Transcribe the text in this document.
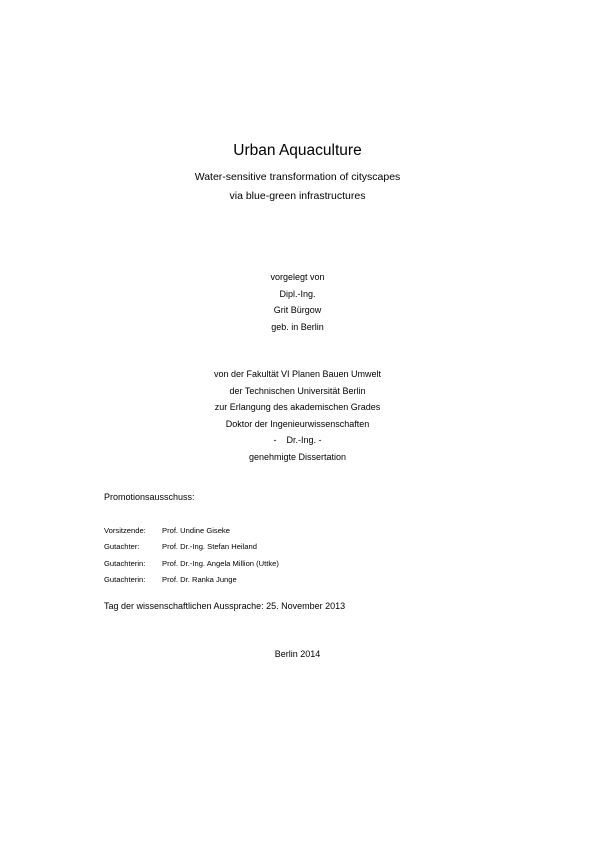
Urban Aquaculture
Water-sensitive transformation of cityscapes
via blue-green infrastructures
vorgelegt von
Dipl.-Ing.
Grit Bürgow
geb. in Berlin
von der Fakultät VI Planen Bauen Umwelt
der Technischen Universität Berlin
zur Erlangung des akademischen Grades
Doktor der Ingenieurwissenschaften
-    Dr.-Ing. -
genehmigte Dissertation
Promotionsausschuss:
Vorsitzende: Prof. Undine Giseke
Gutachter:	Prof. Dr.-Ing. Stefan Heiland
Gutachterin: Prof. Dr.-Ing. Angela Million (Uttke)
Gutachterin: Prof. Dr. Ranka Junge
Tag der wissenschaftlichen Aussprache: 25. November 2013
Berlin 2014
